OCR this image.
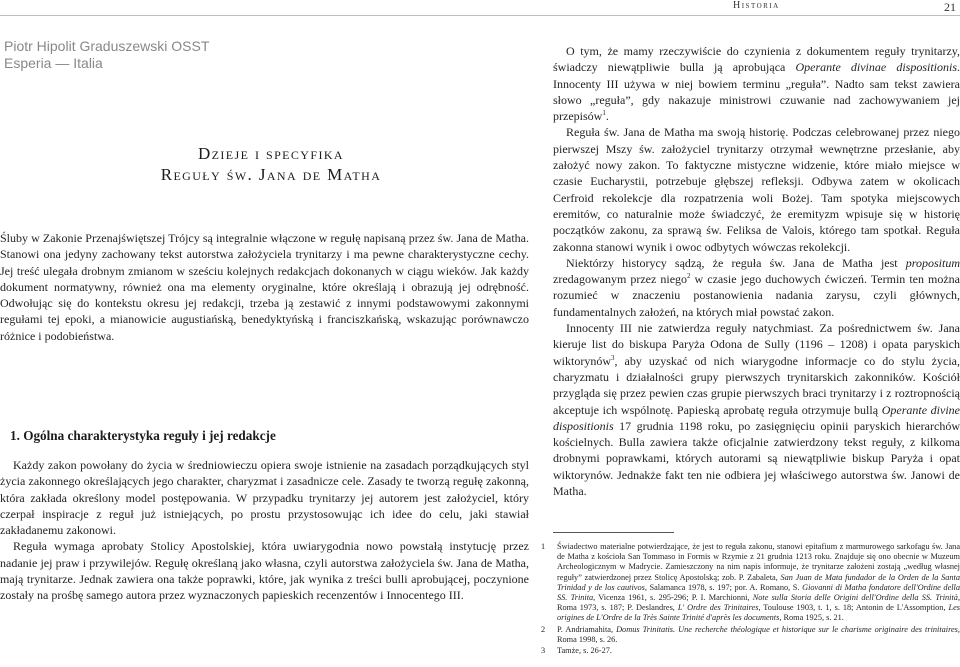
Historia	21
Piotr Hipolit Graduszewski OSST
Esperia — Italia
Dzieje i specyfika
Reguły św. Jana de Matha

Śluby w Zakonie Przenajświętszej Trójcy są integralnie włączone w regułę napisaną przez św. Jana de Matha. Stanowi ona jedyny zachowany tekst autorstwa założyciela trynitarzy i ma pewne charakterystyczne cechy. Jej treść ulegała drobnym zmianom w sześciu kolejnych redakcjach dokonanych w ciągu wieków. Jak każdy dokument normatywny, również ona ma elementy oryginalne, które określają i obrazują jej odrębność. Odwołując się do kontekstu okresu jej redakcji, trzeba ją zestawić z innymi podstawowymi zakonnymi regułami tej epoki, a mianowicie augustiańską, benedyktyńską i franciszkańską, wskazując porównawczo różnice i podobieństwa.

1. Ogólna charakterystyka reguły i jej redakcje

Każdy zakon powołany do życia w średniowieczu opiera swoje istnienie na zasadach porządkujących styl życia zakonnego określających jego charakter, charyzmat i zasadnicze cele. Zasady te tworzą regułę zakonną, która zakłada określony model postępowania. W przypadku trynitarzy jej autorem jest założyciel, który czerpał inspiracje z reguł już istniejących, po prostu przystosowując ich idee do celu, jaki stawiał zakładanemu zakonowi.

Reguła wymaga aprobaty Stolicy Apostolskiej, która uwiarygodnia nowo powstałą instytucję przez nadanie jej praw i przywilejów. Regułę określaną jako własna, czyli autorstwa założyciela św. Jana de Matha, mają trynitarze. Jednak zawiera ona także poprawki, które, jak wynika z treści bulli aprobującej, poczynione zostały na prośbę samego autora przez wyznaczonych papieskich recenzentów i Innocentego III.

O tym, że mamy rzeczywiście do czynienia z dokumentem reguły trynitarzy, świadczy niewątpliwie bulla ją aprobująca Operante divinae dispositionis. Innocenty III używa w niej bowiem terminu „reguła”. Nadto sam tekst zawiera słowo „reguła”, gdy nakazuje ministrowi czuwanie nad zachowywaniem jej przepisów$^1$.

Reguła św. Jana de Matha ma swoją historię. Podczas celebrowanej przez niego pierwszej Mszy św. założyciel trynitarzy otrzymał wewnętrzne przesłanie, aby założyć nowy zakon. To faktyczne mistyczne widzenie, które miało miejsce w czasie Eucharystii, potrzebuje głębszej refleksji. Odbywa zatem w okolicach Cerfroid rekolekcje dla rozpatrzenia woli Bożej. Tam spotyka miejscowych eremitów, co naturalnie może świadczyć, że eremityzm wpisuje się w historię początków zakonu, za sprawą św. Feliksa de Valois, którego tam spotkał. Reguła zakonna stanowi wynik i owoc odbytych wówczas rekolekcji.

Niektórzy historycy sądzą, że reguła św. Jana de Matha jest propositum zredagowanym przez niego$^2$ w czasie jego duchowych ćwiczeń. Termin ten można rozumieć w znaczeniu postanowienia nadania zarysu, czyli głównych, fundamentalnych założeń, na których miał powstać zakon.

Innocenty III nie zatwierdza reguły natychmiast. Za pośrednictwem św. Jana kieruje list do biskupa Paryża Odona de Sully (1196 – 1208) i opata paryskich wiktorynów$^3$, aby uzyskać od nich wiarygodne informacje co do stylu życia, charyzmatu i działalności grupy pierwszych trynitarskich zakonników. Kościół przygląda się przez pewien czas grupie pierwszych braci trynitarzy i z roztropnością akceptuje ich wspólnotę. Papieską aprobatę reguła otrzymuje bullą Operante divine dispositionis 17 grudnia 1198 roku, po zasięgnięciu opinii paryskich hierarchów kościelnych. Bulla zawiera także oficjalnie zatwierdzony tekst reguły, z kilkoma drobnymi poprawkami, których autorami są niewątpliwie biskup Paryża i opat wiktorynów. Jednakże fakt ten nie odbiera jej właściwego autorstwa św. Janowi de Matha.

1	Świadectwo materialne potwierdzające, że jest to reguła zakonu, stanowi epitafium z marmurowego sarkofagu św. Jana de Matha z kościoła San Tommaso in Formis w Rzymie z 21 grudnia 1213 roku. Znajduje się ono obecnie w Muzeum Archeologicznym w Madrycie. Zamieszczony na nim napis informuje, że trynitarze założeni zostają „według własnej reguły” zatwierdzonej przez Stolicę Apostolską; zob. P. Zabaleta, San Juan de Mata fundador de la Orden de la Santa Trinidad y de los cautivos, Salamanca 1978, s. 197; por. A. Romano, S. Giovanni di Matha fondatore dell'Ordine della SS. Trinita, Vicenza 1961, s. 295-296; P. I. Marchionni, Note sulla Storia delle Origini dell'Ordine della SS. Trinità, Roma 1973, s. 187; P. Deslandres, L' Ordre des Trinitaires, Toulouse 1903, t. 1, s. 18; Antonin de L'Assomption, Les origines de L'Ordre de la Très Sainte Trinité d'après les documents, Roma 1925, s. 21.
2	P. Andriamahita, Domus Trinitatis. Une recherche théologique et historique sur le charisme originaire des trinitaires, Roma 1998, s. 26.
3	Tamże, s. 26-27.
